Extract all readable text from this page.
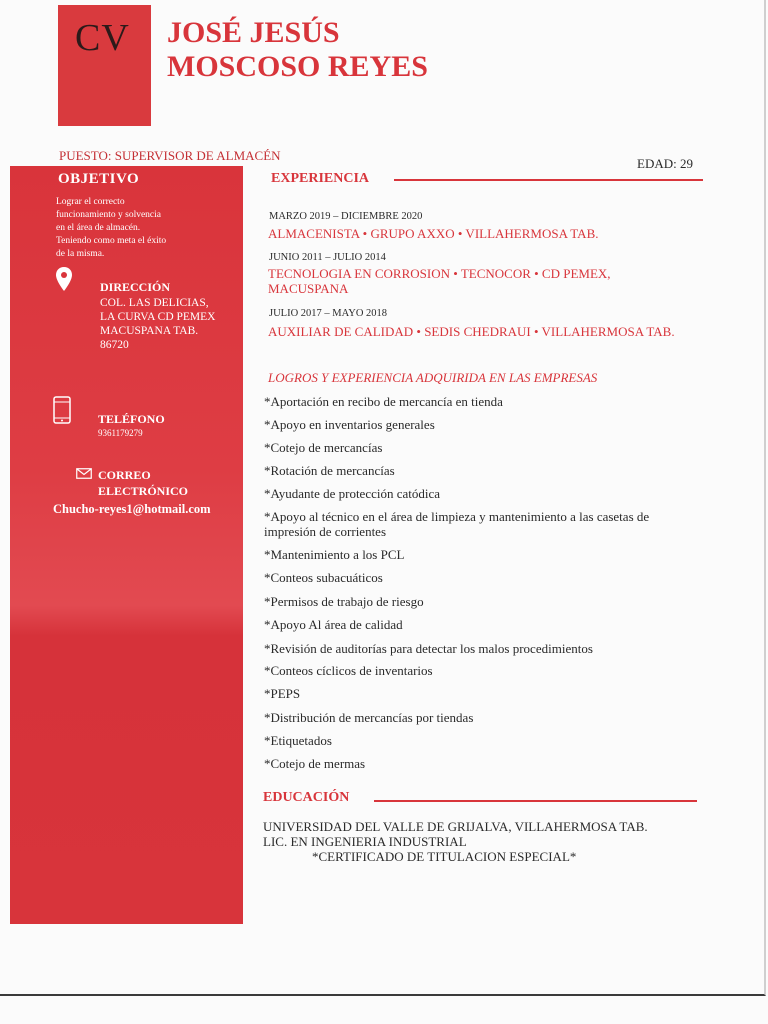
CV JOSÉ JESÚS
MOSCOSO REYES
PUESTO: SUPERVISOR DE ALMACÉN
EDAD: 29
OBJETIVO
Lograr el correcto
funcionamiento y solvencia
en el área de almacén.
Teniendo como meta el éxito
de la misma.
DIRECCIÓN
COL. LAS DELICIAS,
LA CURVA CD PEMEX
MACUSPANA TAB.
86720
TELÉFONO
9361179279
CORREO
ELECTRÓNICO
Chucho-reyes1@hotmail.com
EXPERIENCIA
MARZO 2019 – DICIEMBRE 2020
ALMACENISTA • GRUPO AXXO • VILLAHERMOSA TAB.
JUNIO 2011 – JULIO 2014
TECNOLOGIA EN CORROSION • TECNOCOR • CD PEMEX, MACUSPANA
JULIO 2017 – MAYO 2018
AUXILIAR DE CALIDAD • SEDIS CHEDRAUI • VILLAHERMOSA TAB.
LOGROS Y EXPERIENCIA ADQUIRIDA EN LAS EMPRESAS
*Aportación en recibo de mercancía en tienda
*Apoyo en inventarios generales
*Cotejo de mercancías
*Rotación de mercancías
*Ayudante de protección catódica
*Apoyo al técnico en el área de limpieza y mantenimiento a las casetas de impresión de corrientes
*Mantenimiento a los PCL
*Conteos subacuáticos
*Permisos de trabajo de riesgo
*Apoyo Al área de calidad
*Revisión de auditorías para detectar los malos procedimientos
*Conteos cíclicos de inventarios
*PEPS
*Distribución de mercancías por tiendas
*Etiquetados
*Cotejo de mermas
EDUCACIÓN
UNIVERSIDAD DEL VALLE DE GRIJALVA, VILLAHERMOSA TAB.
LIC. EN INGENIERIA INDUSTRIAL
*CERTIFICADO DE TITULACION ESPECIAL*
